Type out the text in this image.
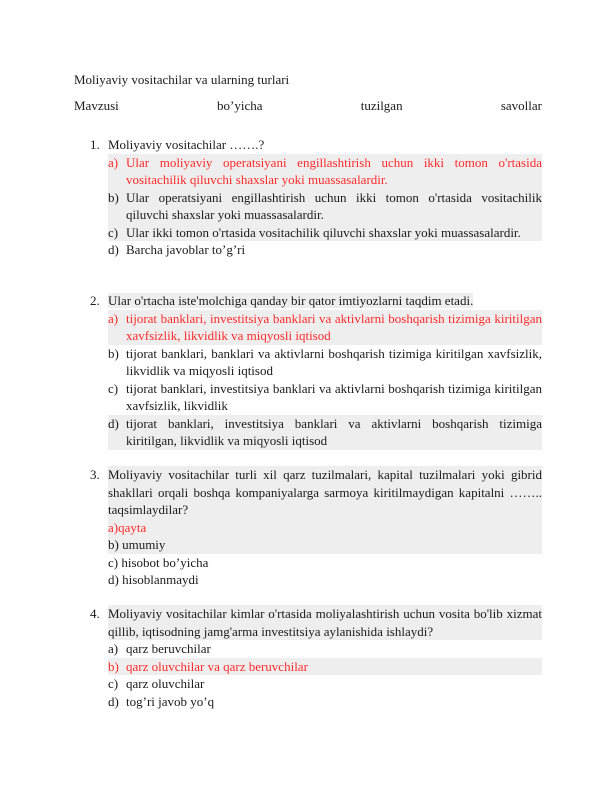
Moliyaviy vositachilar va ularning turlari
Mavzusi	bo’yicha	tuzilgan	savollar
1. Moliyaviy vositachilar …….?
a) Ular moliyaviy operatsiyani engillashtirish uchun ikki tomon o'rtasida vositachilik qiluvchi shaxslar yoki muassasalardir.
b) Ular operatsiyani engillashtirish uchun ikki tomon o'rtasida vositachilik qiluvchi shaxslar yoki muassasalardir.
c) Ular ikki tomon o'rtasida vositachilik qiluvchi shaxslar yoki muassasalardir.
d) Barcha javoblar to’g’ri
2. Ular o'rtacha iste'molchiga qanday bir qator imtiyozlarni taqdim etadi.
a) tijorat banklari, investitsiya banklari va aktivlarni boshqarish tizimiga kiritilgan xavfsizlik, likvidlik va miqyosli iqtisod
b) tijorat banklari, banklari va aktivlarni boshqarish tizimiga kiritilgan xavfsizlik, likvidlik va miqyosli iqtisod
c) tijorat banklari, investitsiya banklari va aktivlarni boshqarish tizimiga kiritilgan xavfsizlik, likvidlik
d) tijorat banklari, investitsiya banklari va aktivlarni boshqarish tizimiga kiritilgan, likvidlik va miqyosli iqtisod
3. Moliyaviy vositachilar turli xil qarz tuzilmalari, kapital tuzilmalari yoki gibrid shakllari orqali boshqa kompaniyalarga sarmoya kiritilmaydigan kapitalni …….. taqsimlaydilar?
a)qayta
b) umumiy
c) hisobot bo’yicha
d) hisoblanmaydi
4. Moliyaviy vositachilar kimlar o'rtasida moliyalashtirish uchun vosita bo'lib xizmat qillib, iqtisodning jamg'arma investitsiya aylanishida ishlaydi?
a) qarz beruvchilar
b) qarz oluvchilar va qarz beruvchilar
c) qarz oluvchilar
d) tog’ri javob yo’q
